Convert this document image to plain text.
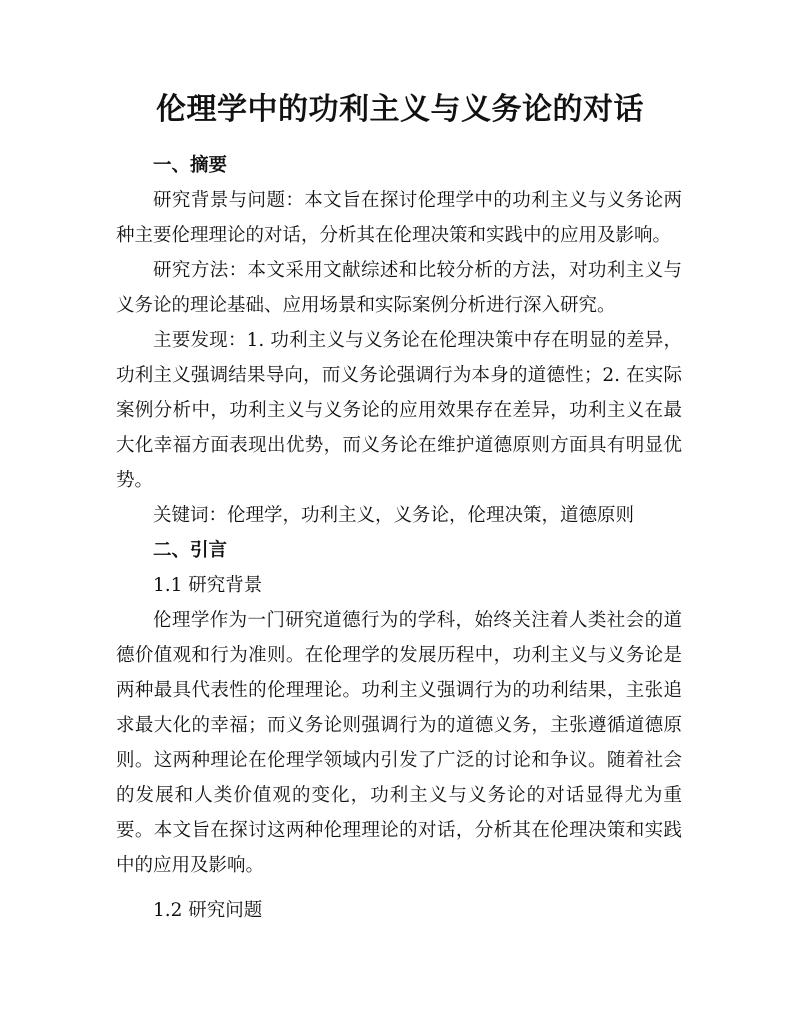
伦理学中的功利主义与义务论的对话

一、摘要

研究背景与问题：本文旨在探讨伦理学中的功利主义与义务论两种主要伦理理论的对话，分析其在伦理决策和实践中的应用及影响。

研究方法：本文采用文献综述和比较分析的方法，对功利主义与义务论的理论基础、应用场景和实际案例分析进行深入研究。

主要发现：1. 功利主义与义务论在伦理决策中存在明显的差异，功利主义强调结果导向，而义务论强调行为本身的道德性；2. 在实际案例分析中，功利主义与义务论的应用效果存在差异，功利主义在最大化幸福方面表现出优势，而义务论在维护道德原则方面具有明显优势。

关键词：伦理学，功利主义，义务论，伦理决策，道德原则

二、引言

1.1 研究背景

伦理学作为一门研究道德行为的学科，始终关注着人类社会的道德价值观和行为准则。在伦理学的发展历程中，功利主义与义务论是两种最具代表性的伦理理论。功利主义强调行为的功利结果，主张追求最大化的幸福；而义务论则强调行为的道德义务，主张遵循道德原则。这两种理论在伦理学领域内引发了广泛的讨论和争议。随着社会的发展和人类价值观的变化，功利主义与义务论的对话显得尤为重要。本文旨在探讨这两种伦理理论的对话，分析其在伦理决策和实践中的应用及影响。

1.2 研究问题
